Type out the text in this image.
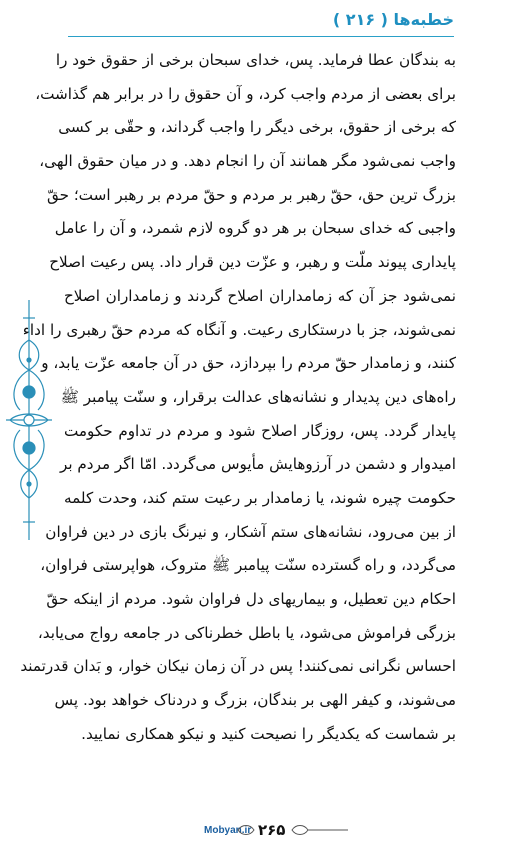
خطبه‌ها ( ۲۱۶ )
به بندگان عطا فرماید. پس، خدای سبحان برخی از حقوق خود را
برای بعضی از مردم واجب کرد، و آن حقوق را در برابر هم گذاشت،
که برخی از حقوق، برخی دیگر را واجب گرداند، و حقّی بر کسی
واجب نمی‌شود مگر همانند آن را انجام دهد. و در میان حقوق الهی،
بزرگ ترین حق، حقّ رهبر بر مردم و حقّ مردم بر رهبر است؛ حقّ
واجبی که خدای سبحان بر هر دو گروه لازم شمرد، و آن را عامل
پایداری پیوند ملّت و رهبر، و عزّت دین قرار داد. پس رعیت اصلاح
نمی‌شود جز آن که زمامداران اصلاح گردند و زمامداران اصلاح
نمی‌شوند، جز با درستکاری رعیت. و آنگاه که مردم حقّ رهبری را اداء
کنند، و زمامدار حقّ مردم را بپردازد، حق در آن جامعه عزّت یابد، و
راه‌های دین پدیدار و نشانه‌های عدالت برقرار، و سنّت پیامبر ﷺ
پایدار گردد. پس، روزگار اصلاح شود و مردم در تداوم حکومت
امیدوار و دشمن در آرزوهایش مأیوس می‌گردد. امّا اگر مردم بر
حکومت چیره شوند، یا زمامدار بر رعیت ستم کند، وحدت کلمه
از بین می‌رود، نشانه‌های ستم آشکار، و نیرنگ بازی در دین فراوان
می‌گردد، و راه گسترده سنّت پیامبر ﷺ متروک، هواپرستی فراوان،
احکام دین تعطیل، و بیماریهای دل فراوان شود. مردم از اینکه حقّ
بزرگی فراموش می‌شود، یا باطل خطرناکی در جامعه رواج می‌یابد،
احساس نگرانی نمی‌کنند! پس در آن زمان نیکان خوار، و بَدان قدرتمند
می‌شوند، و کیفر الهی بر بندگان، بزرگ و دردناک خواهد بود. پس
بر شماست که یکدیگر را نصیحت کنید و نیکو همکاری نمایید.
Mobyan.ir ۲۶۵
